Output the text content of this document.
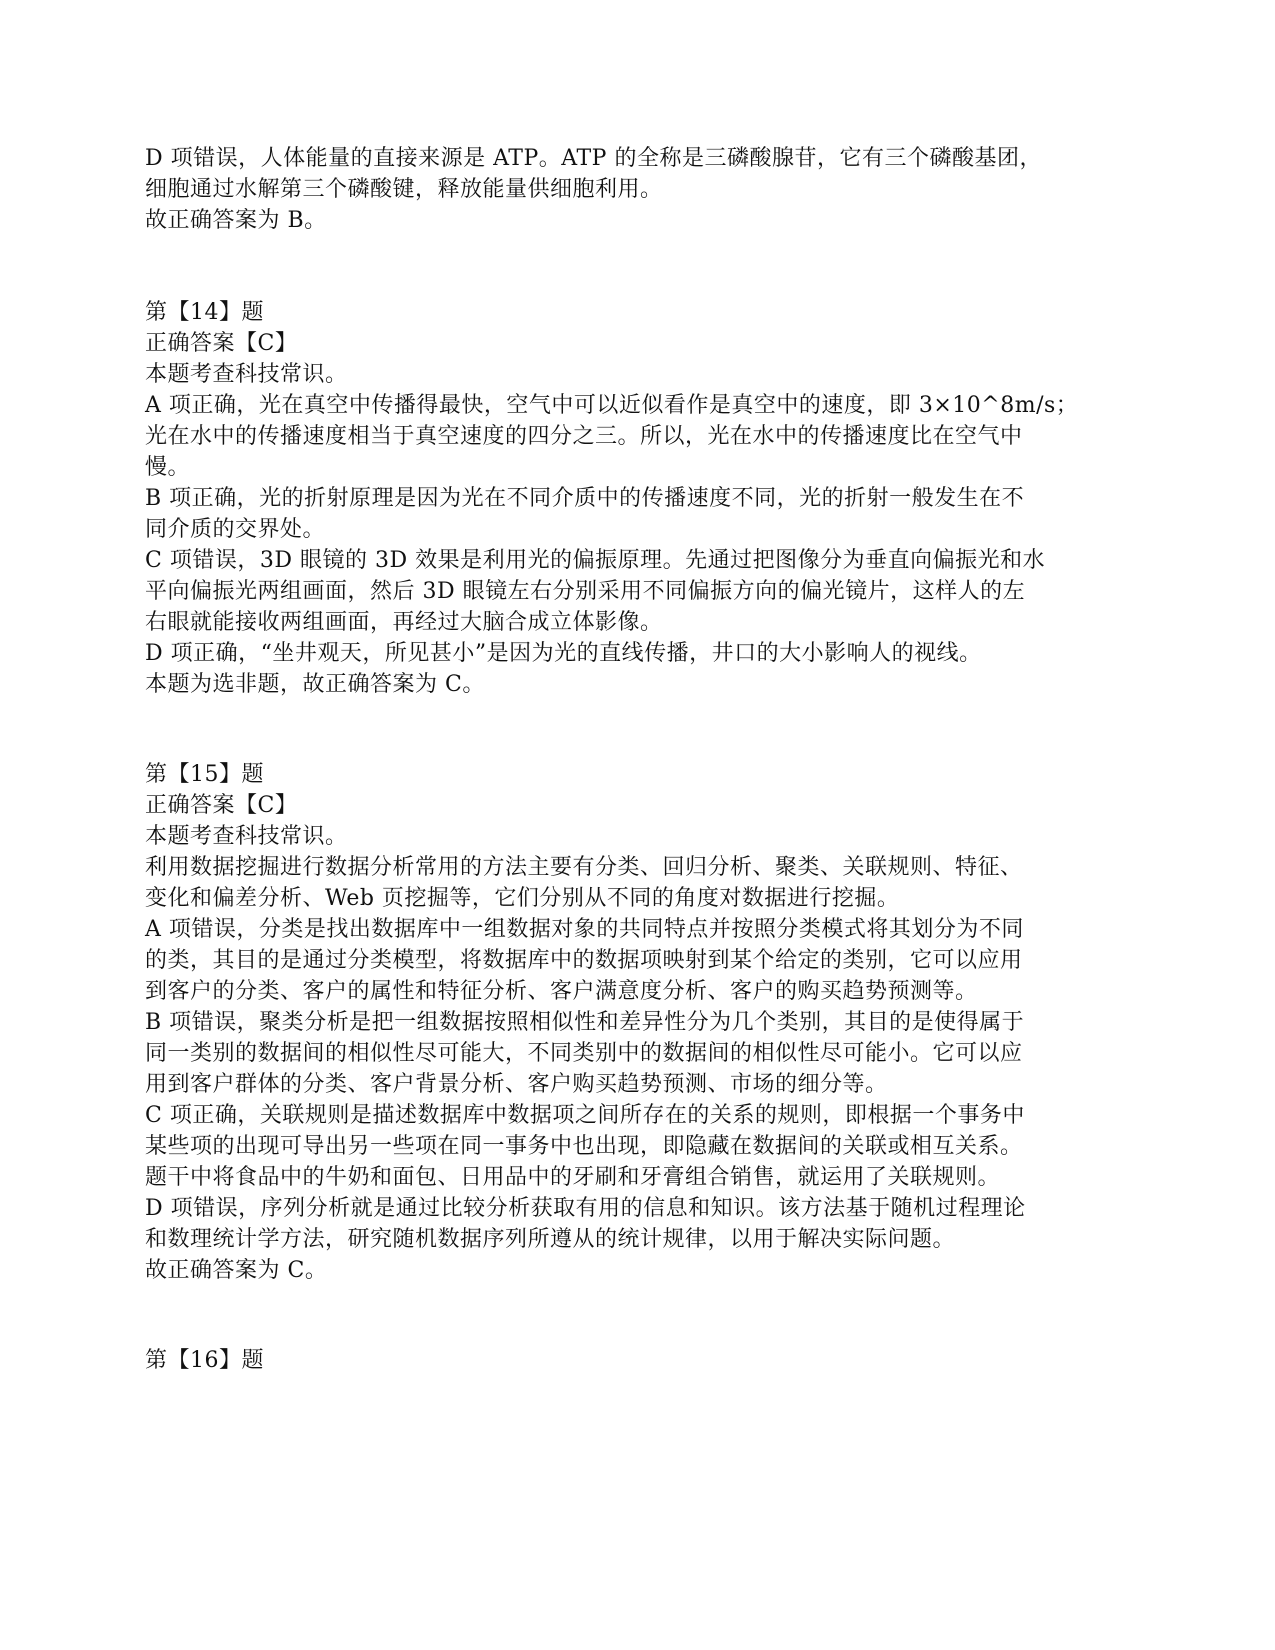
D 项错误，人体能量的直接来源是 ATP。ATP 的全称是三磷酸腺苷，它有三个磷酸基团，
细胞通过水解第三个磷酸键，释放能量供细胞利用。
故正确答案为 B。
第【14】题
正确答案【C】
本题考查科技常识。
A 项正确，光在真空中传播得最快，空气中可以近似看作是真空中的速度，即 3×10^8m/s；
光在水中的传播速度相当于真空速度的四分之三。所以，光在水中的传播速度比在空气中
慢。
B 项正确，光的折射原理是因为光在不同介质中的传播速度不同，光的折射一般发生在不
同介质的交界处。
C 项错误，3D 眼镜的 3D 效果是利用光的偏振原理。先通过把图像分为垂直向偏振光和水
平向偏振光两组画面，然后 3D 眼镜左右分别采用不同偏振方向的偏光镜片，这样人的左
右眼就能接收两组画面，再经过大脑合成立体影像。
D 项正确，“坐井观天，所见甚小”是因为光的直线传播，井口的大小影响人的视线。
本题为选非题，故正确答案为 C。
第【15】题
正确答案【C】
本题考查科技常识。
利用数据挖掘进行数据分析常用的方法主要有分类、回归分析、聚类、关联规则、特征、
变化和偏差分析、Web 页挖掘等，它们分别从不同的角度对数据进行挖掘。
A 项错误，分类是找出数据库中一组数据对象的共同特点并按照分类模式将其划分为不同
的类，其目的是通过分类模型，将数据库中的数据项映射到某个给定的类别，它可以应用
到客户的分类、客户的属性和特征分析、客户满意度分析、客户的购买趋势预测等。
B 项错误，聚类分析是把一组数据按照相似性和差异性分为几个类别，其目的是使得属于
同一类别的数据间的相似性尽可能大，不同类别中的数据间的相似性尽可能小。它可以应
用到客户群体的分类、客户背景分析、客户购买趋势预测、市场的细分等。
C 项正确，关联规则是描述数据库中数据项之间所存在的关系的规则，即根据一个事务中
某些项的出现可导出另一些项在同一事务中也出现，即隐藏在数据间的关联或相互关系。
题干中将食品中的牛奶和面包、日用品中的牙刷和牙膏组合销售，就运用了关联规则。
D 项错误，序列分析就是通过比较分析获取有用的信息和知识。该方法基于随机过程理论
和数理统计学方法，研究随机数据序列所遵从的统计规律，以用于解决实际问题。
故正确答案为 C。
第【16】题
